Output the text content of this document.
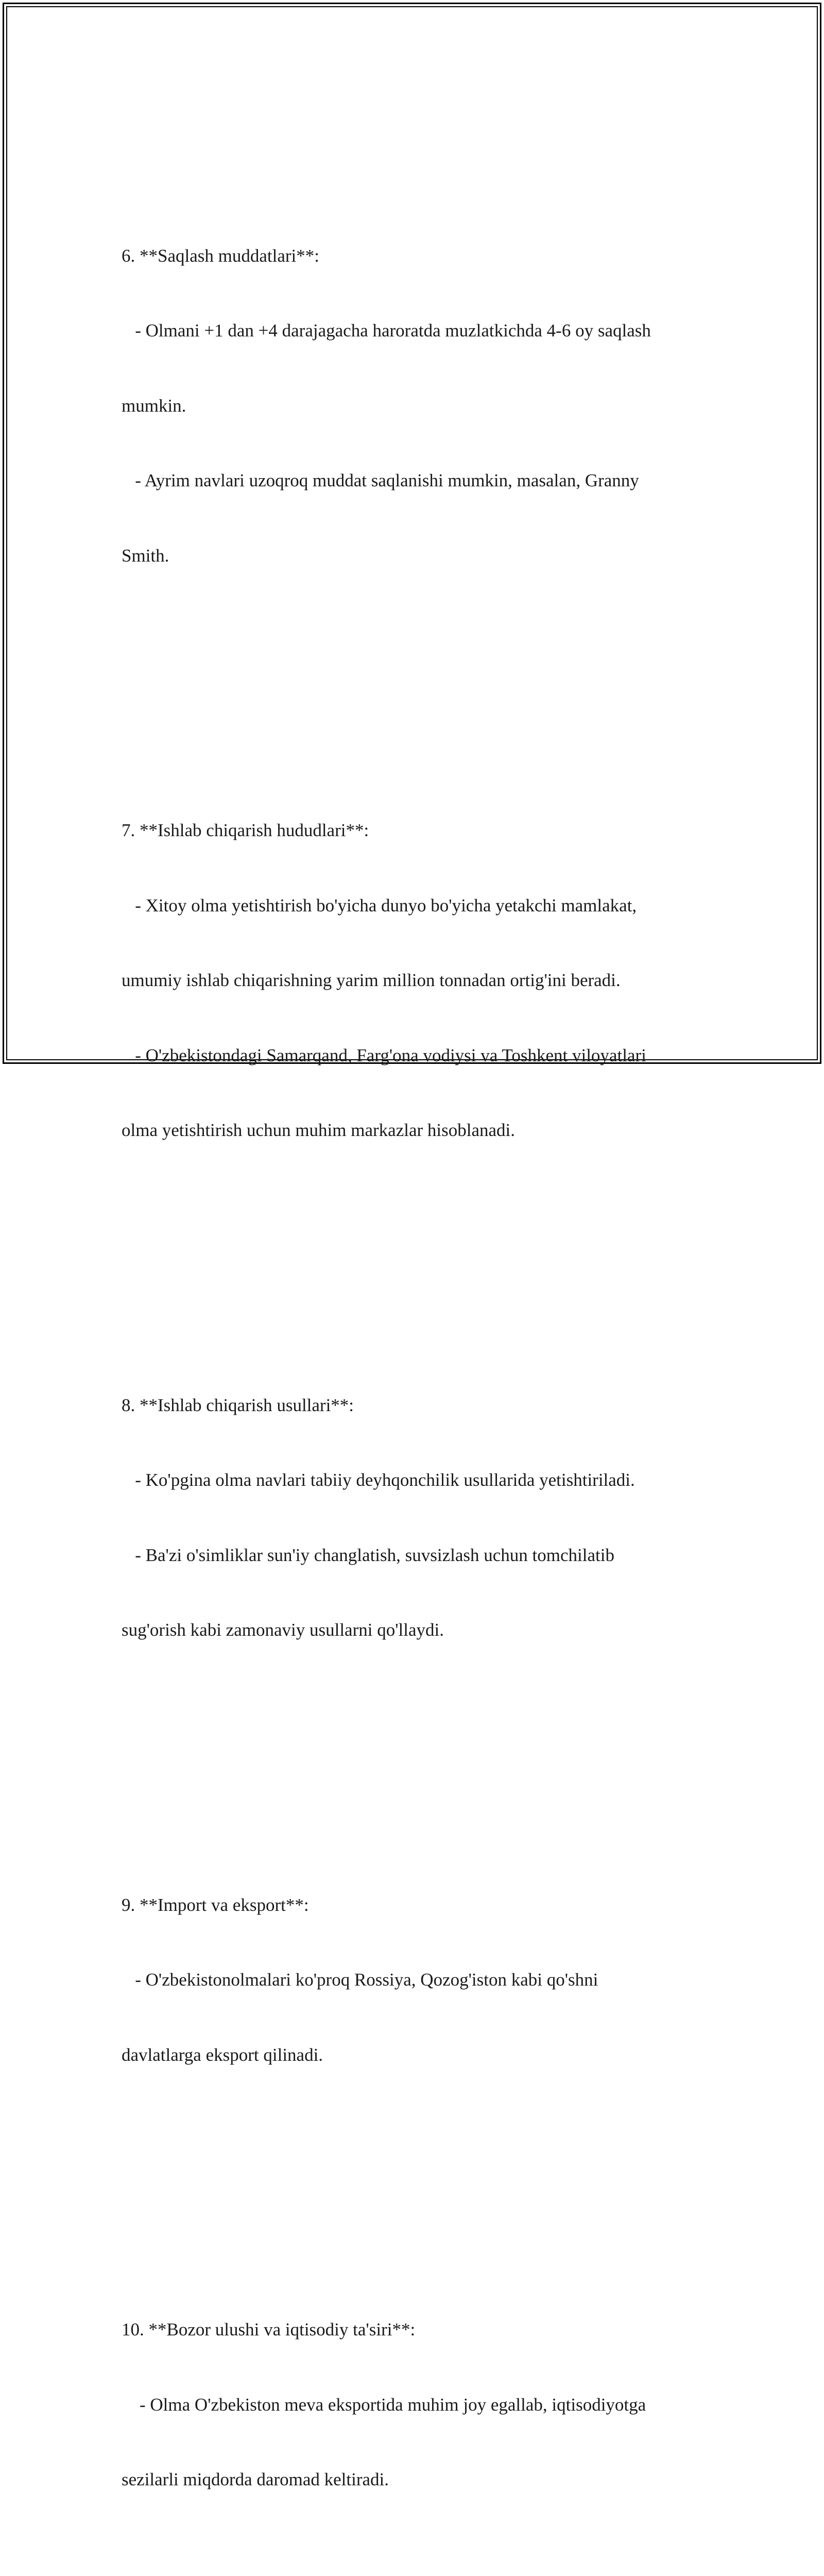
6. **Saqlash muddatlari**:

- Olmani +1 dan +4 darajagacha haroratda muzlatkichda 4-6 oy saqlash

mumkin.

- Ayrim navlari uzoqroq muddat saqlanishi mumkin, masalan, Granny

Smith.

7. **Ishlab chiqarish hududlari**:

- Xitoy olma yetishtirish bo'yicha dunyo bo'yicha yetakchi mamlakat,

umumiy ishlab chiqarishning yarim million tonnadan ortig'ini beradi.

- O'zbekistondagi Samarqand, Farg'ona vodiysi va Toshkent viloyatlari

olma yetishtirish uchun muhim markazlar hisoblanadi.

8. **Ishlab chiqarish usullari**:

- Ko'pgina olma navlari tabiiy deyhqonchilik usullarida yetishtiriladi.

- Ba'zi o'simliklar sun'iy changlatish, suvsizlash uchun tomchilatib

sug'orish kabi zamonaviy usullarni qo'llaydi.

9. **Import va eksport**:

- O'zbekistonolmalari ko'proq Rossiya, Qozog'iston kabi qo'shni

davlatlarga eksport qilinadi.

10. **Bozor ulushi va iqtisodiy ta'siri**:

- Olma O'zbekiston meva eksportida muhim joy egallab, iqtisodiyotga

sezilarli miqdorda daromad keltiradi.
